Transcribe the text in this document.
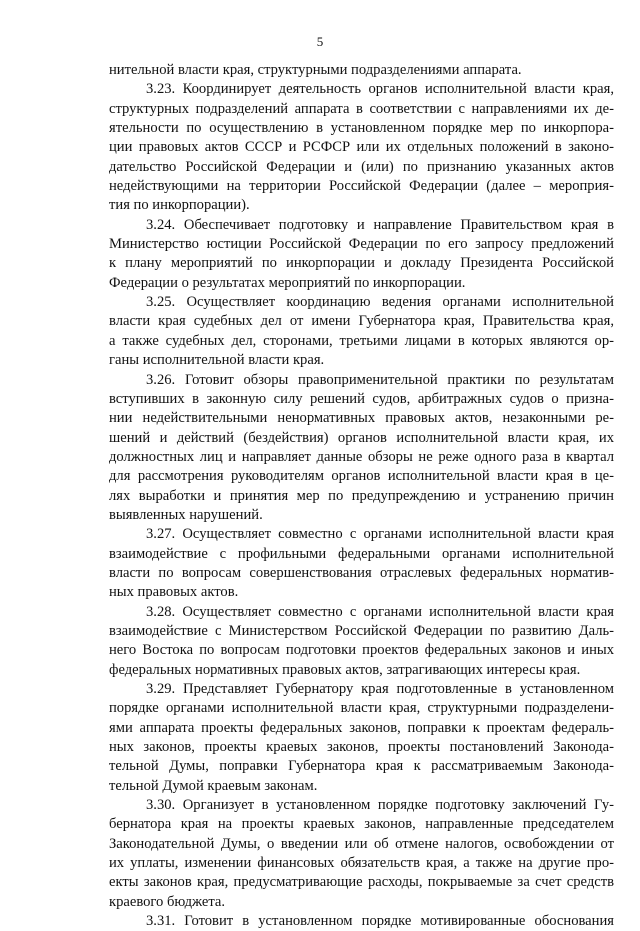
5
нительной власти края, структурными подразделениями аппарата.
3.23. Координирует деятельность органов исполнительной власти края,
структурных подразделений аппарата в соответствии с направлениями их де-
ятельности по осуществлению в установленном порядке мер по инкорпора-
ции правовых актов СССР и РСФСР или их отдельных положений в законо-
дательство Российской Федерации и (или) по признанию указанных актов
недействующими на территории Российской Федерации (далее – мероприя-
тия по инкорпорации).
3.24. Обеспечивает подготовку и направление Правительством края в
Министерство юстиции Российской Федерации по его запросу предложений
к плану мероприятий по инкорпорации и докладу Президента Российской
Федерации о результатах мероприятий по инкорпорации.
3.25. Осуществляет координацию ведения органами исполнительной
власти края судебных дел от имени Губернатора края, Правительства края,
а также судебных дел, сторонами, третьими лицами в которых являются ор-
ганы исполнительной власти края.
3.26. Готовит обзоры правоприменительной практики по результатам
вступивших в законную силу решений судов, арбитражных судов о призна-
нии недействительными ненормативных правовых актов, незаконными ре-
шений и действий (бездействия) органов исполнительной власти края, их
должностных лиц и направляет данные обзоры не реже одного раза в квартал
для рассмотрения руководителям органов исполнительной власти края в це-
лях выработки и принятия мер по предупреждению и устранению причин
выявленных нарушений.
3.27. Осуществляет совместно с органами исполнительной власти края
взаимодействие с профильными федеральными органами исполнительной
власти по вопросам совершенствования отраслевых федеральных норматив-
ных правовых актов.
3.28. Осуществляет совместно с органами исполнительной власти края
взаимодействие с Министерством Российской Федерации по развитию Даль-
него Востока по вопросам подготовки проектов федеральных законов и иных
федеральных нормативных правовых актов, затрагивающих интересы края.
3.29. Представляет Губернатору края подготовленные в установленном
порядке органами исполнительной власти края, структурными подразделени-
ями аппарата проекты федеральных законов, поправки к проектам федераль-
ных законов, проекты краевых законов, проекты постановлений Законода-
тельной Думы, поправки Губернатора края к рассматриваемым Законода-
тельной Думой краевым законам.
3.30. Организует в установленном порядке подготовку заключений Гу-
бернатора края на проекты краевых законов, направленные председателем
Законодательной Думы, о введении или об отмене налогов, освобождении от
их уплаты, изменении финансовых обязательств края, а также на другие про-
екты законов края, предусматривающие расходы, покрываемые за счет средств
краевого бюджета.
3.31. Готовит в установленном порядке мотивированные обоснования
